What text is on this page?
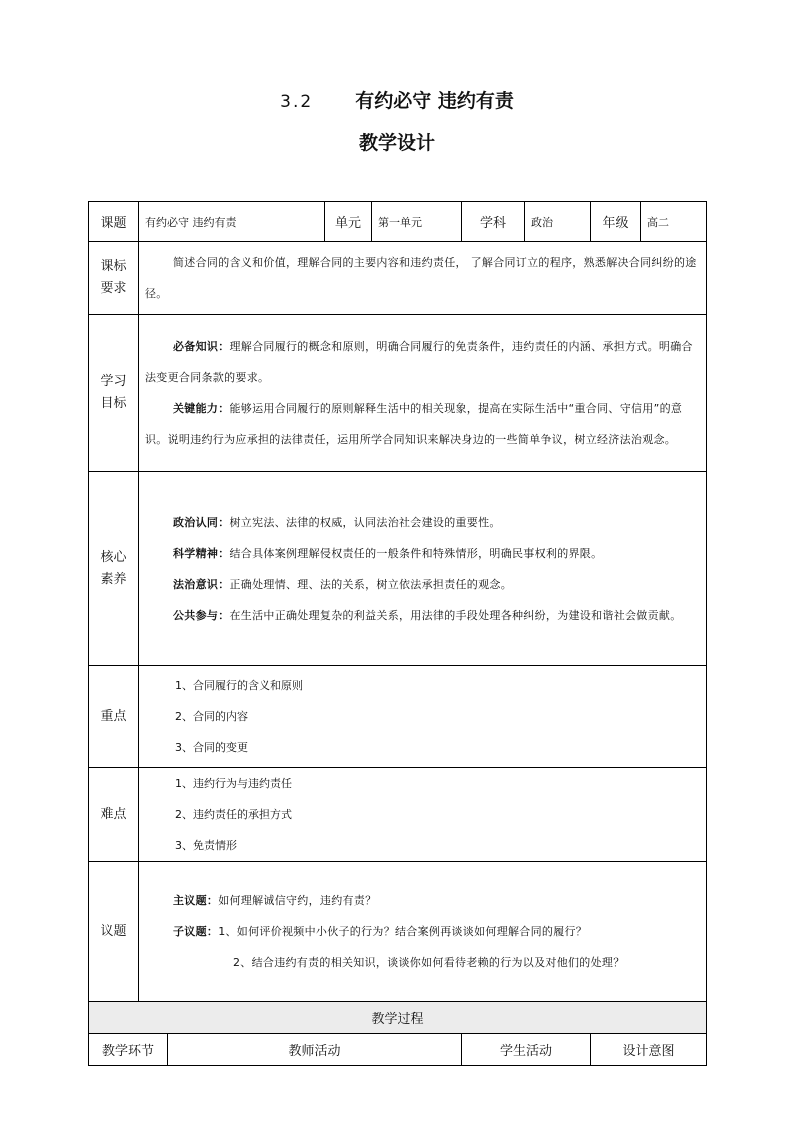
3.2 有约必守 违约有责
教学设计
课题	有约必守 违约有责		单元	第一单元	学科	政治	年级	高二

课标要求	简述合同的含义和价值，理解合同的主要内容和违约责任， 了解合同订立的程序，熟悉解决合同纠纷的途径。							

学习目标	必备知识：理解合同履行的概念和原则，明确合同履行的免责条件，违约责任的内涵、承担方式。明确合法变更合同条款的要求。

关键能力：能够运用合同履行的原则解释生活中的相关现象，提高在实际生活中“重合同、守信用”的意识。说明违约行为应承担的法律责任，运用所学合同知识来解决身边的一些简单争议，树立经济法治观念。							

核心素养	政治认同：树立宪法、法律的权威，认同法治社会建设的重要性。

科学精神：结合具体案例理解侵权责任的一般条件和特殊情形，明确民事权利的界限。

法治意识：正确处理情、理、法的关系，树立依法承担责任的观念。

公共参与：在生活中正确处理复杂的利益关系，用法律的手段处理各种纠纷，为建设和谐社会做贡献。							

重点	1、合同履行的含义和原则
2、合同的内容
3、合同的变更							

难点	1、违约行为与违约责任
2、违约责任的承担方式
3、免责情形							

议题	主议题：如何理解诚信守约，违约有责？

子议题：1、如何评价视频中小伙子的行为？结合案例再谈谈如何理解合同的履行？

2、结合违约有责的相关知识，谈谈你如何看待老赖的行为以及对他们的处理？							

教学过程								
教学环节		教师活动			学生活动		设计意图	
